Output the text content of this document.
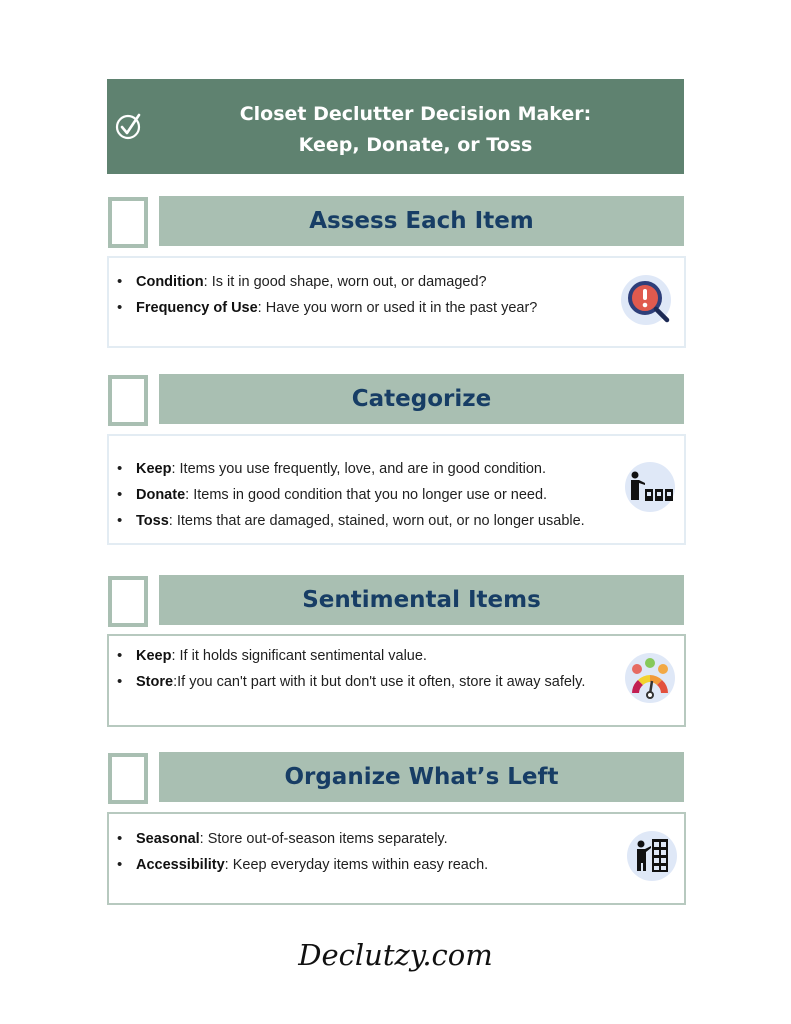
Closet Declutter Decision Maker:
Keep, Donate, or Toss
Assess Each Item
• Condition: Is it in good shape, worn out, or damaged?
• Frequency of Use: Have you worn or used it in the past year?
Categorize
• Keep: Items you use frequently, love, and are in good condition.
• Donate: Items in good condition that you no longer use or need.
• Toss: Items that are damaged, stained, worn out, or no longer usable.
Sentimental Items
• Keep: If it holds significant sentimental value.
• Store:If you can't part with it but don't use it often, store it away safely.
Organize What’s Left
• Seasonal: Store out-of-season items separately.
• Accessibility: Keep everyday items within easy reach.
Declutzy.com
